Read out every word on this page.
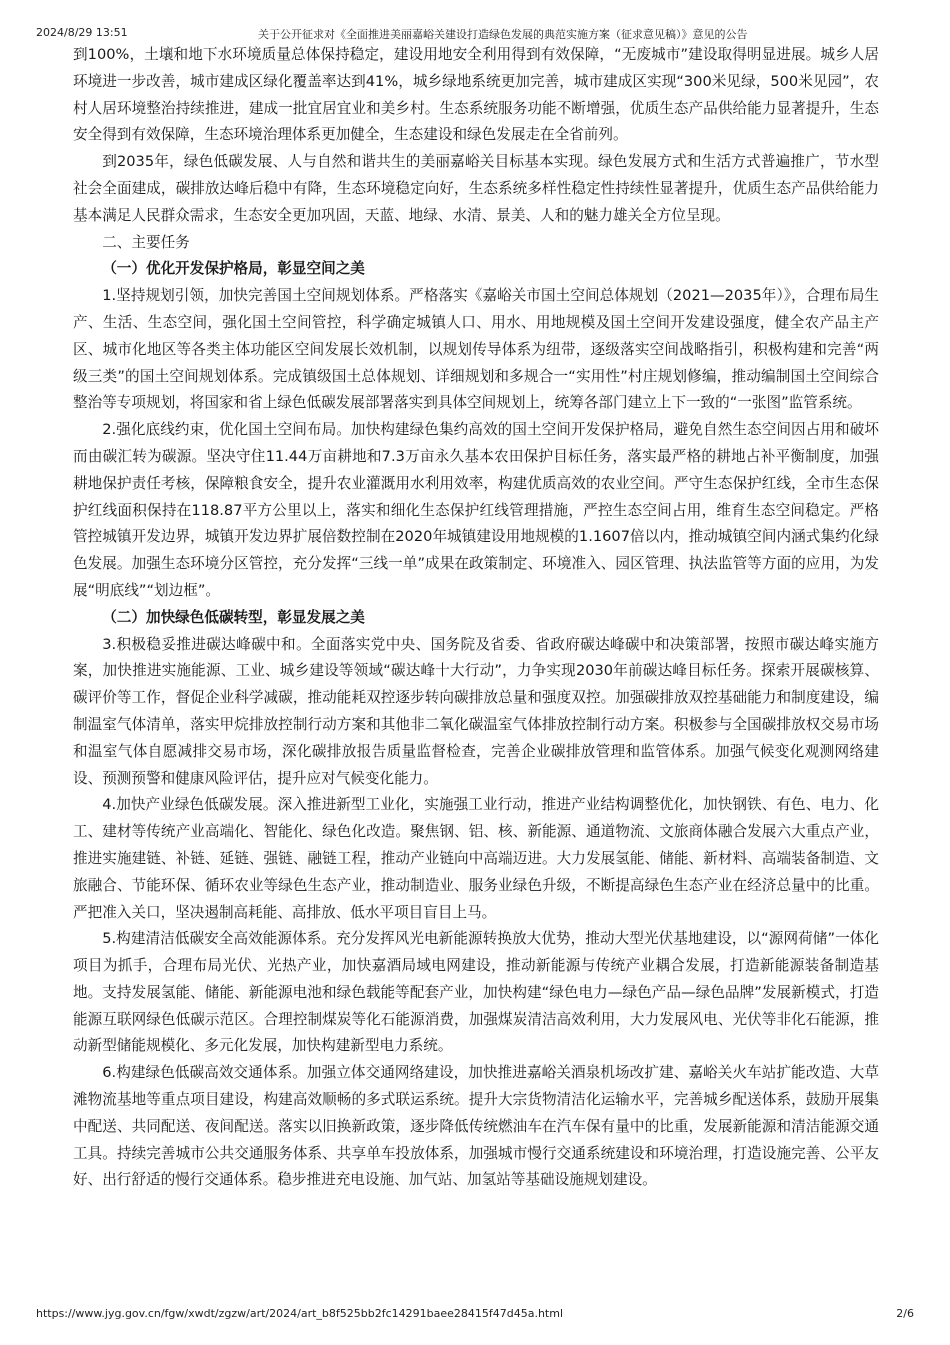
2024/8/29 13:51	关于公开征求对《全面推进美丽嘉峪关建设打造绿色发展的典范实施方案（征求意见稿）》意见的公告

到100%，土壤和地下水环境质量总体保持稳定，建设用地安全利用得到有效保障，“无废城市”建设取得明显进展。城乡人居环境进一步改善，城市建成区绿化覆盖率达到41%，城乡绿地系统更加完善，城市建成区实现“300米见绿，500米见园”，农村人居环境整治持续推进，建成一批宜居宜业和美乡村。生态系统服务功能不断增强，优质生态产品供给能力显著提升，生态安全得到有效保障，生态环境治理体系更加健全，生态建设和绿色发展走在全省前列。

到2035年，绿色低碳发展、人与自然和谐共生的美丽嘉峪关目标基本实现。绿色发展方式和生活方式普遍推广，节水型社会全面建成，碳排放达峰后稳中有降，生态环境稳定向好，生态系统多样性稳定性持续性显著提升，优质生态产品供给能力基本满足人民群众需求，生态安全更加巩固，天蓝、地绿、水清、景美、人和的魅力雄关全方位呈现。

二、主要任务

（一）优化开发保护格局，彰显空间之美

1.坚持规划引领，加快完善国土空间规划体系。严格落实《嘉峪关市国土空间总体规划（2021—2035年）》，合理布局生产、生活、生态空间，强化国土空间管控，科学确定城镇人口、用水、用地规模及国土空间开发建设强度，健全农产品主产区、城市化地区等各类主体功能区空间发展长效机制，以规划传导体系为纽带，逐级落实空间战略指引，积极构建和完善“两级三类”的国土空间规划体系。完成镇级国土总体规划、详细规划和多规合一“实用性”村庄规划修编，推动编制国土空间综合整治等专项规划，将国家和省上绿色低碳发展部署落实到具体空间规划上，统筹各部门建立上下一致的“一张图”监管系统。

2.强化底线约束，优化国土空间布局。加快构建绿色集约高效的国土空间开发保护格局，避免自然生态空间因占用和破坏而由碳汇转为碳源。坚决守住11.44万亩耕地和7.3万亩永久基本农田保护目标任务，落实最严格的耕地占补平衡制度，加强耕地保护责任考核，保障粮食安全，提升农业灌溉用水利用效率，构建优质高效的农业空间。严守生态保护红线，全市生态保护红线面积保持在118.87平方公里以上，落实和细化生态保护红线管理措施，严控生态空间占用，维育生态空间稳定。严格管控城镇开发边界，城镇开发边界扩展倍数控制在2020年城镇建设用地规模的1.1607倍以内，推动城镇空间内涵式集约化绿色发展。加强生态环境分区管控，充分发挥“三线一单”成果在政策制定、环境准入、园区管理、执法监管等方面的应用，为发展“明底线”“划边框”。

（二）加快绿色低碳转型，彰显发展之美

3.积极稳妥推进碳达峰碳中和。全面落实党中央、国务院及省委、省政府碳达峰碳中和决策部署，按照市碳达峰实施方案，加快推进实施能源、工业、城乡建设等领域“碳达峰十大行动”，力争实现2030年前碳达峰目标任务。探索开展碳核算、碳评价等工作，督促企业科学减碳，推动能耗双控逐步转向碳排放总量和强度双控。加强碳排放双控基础能力和制度建设，编制温室气体清单，落实甲烷排放控制行动方案和其他非二氧化碳温室气体排放控制行动方案。积极参与全国碳排放权交易市场和温室气体自愿减排交易市场，深化碳排放报告质量监督检查，完善企业碳排放管理和监管体系。加强气候变化观测网络建设、预测预警和健康风险评估，提升应对气候变化能力。

4.加快产业绿色低碳发展。深入推进新型工业化，实施强工业行动，推进产业结构调整优化，加快钢铁、有色、电力、化工、建材等传统产业高端化、智能化、绿色化改造。聚焦钢、铝、核、新能源、通道物流、文旅商体融合发展六大重点产业，推进实施建链、补链、延链、强链、融链工程，推动产业链向中高端迈进。大力发展氢能、储能、新材料、高端装备制造、文旅融合、节能环保、循环农业等绿色生态产业，推动制造业、服务业绿色升级，不断提高绿色生态产业在经济总量中的比重。严把准入关口，坚决遏制高耗能、高排放、低水平项目盲目上马。

5.构建清洁低碳安全高效能源体系。充分发挥风光电新能源转换放大优势，推动大型光伏基地建设，以“源网荷储”一体化项目为抓手，合理布局光伏、光热产业，加快嘉酒局域电网建设，推动新能源与传统产业耦合发展，打造新能源装备制造基地。支持发展氢能、储能、新能源电池和绿色载能等配套产业，加快构建“绿色电力—绿色产品—绿色品牌”发展新模式，打造能源互联网绿色低碳示范区。合理控制煤炭等化石能源消费，加强煤炭清洁高效利用，大力发展风电、光伏等非化石能源，推动新型储能规模化、多元化发展，加快构建新型电力系统。

6.构建绿色低碳高效交通体系。加强立体交通网络建设，加快推进嘉峪关酒泉机场改扩建、嘉峪关火车站扩能改造、大草滩物流基地等重点项目建设，构建高效顺畅的多式联运系统。提升大宗货物清洁化运输水平，完善城乡配送体系，鼓励开展集中配送、共同配送、夜间配送。落实以旧换新政策，逐步降低传统燃油车在汽车保有量中的比重，发展新能源和清洁能源交通工具。持续完善城市公共交通服务体系、共享单车投放体系，加强城市慢行交通系统建设和环境治理，打造设施完善、公平友好、出行舒适的慢行交通体系。稳步推进充电设施、加气站、加氢站等基础设施规划建设。

https://www.jyg.gov.cn/fgw/xwdt/zgzw/art/2024/art_b8f525bb2fc14291baee28415f47d45a.html	2/6
